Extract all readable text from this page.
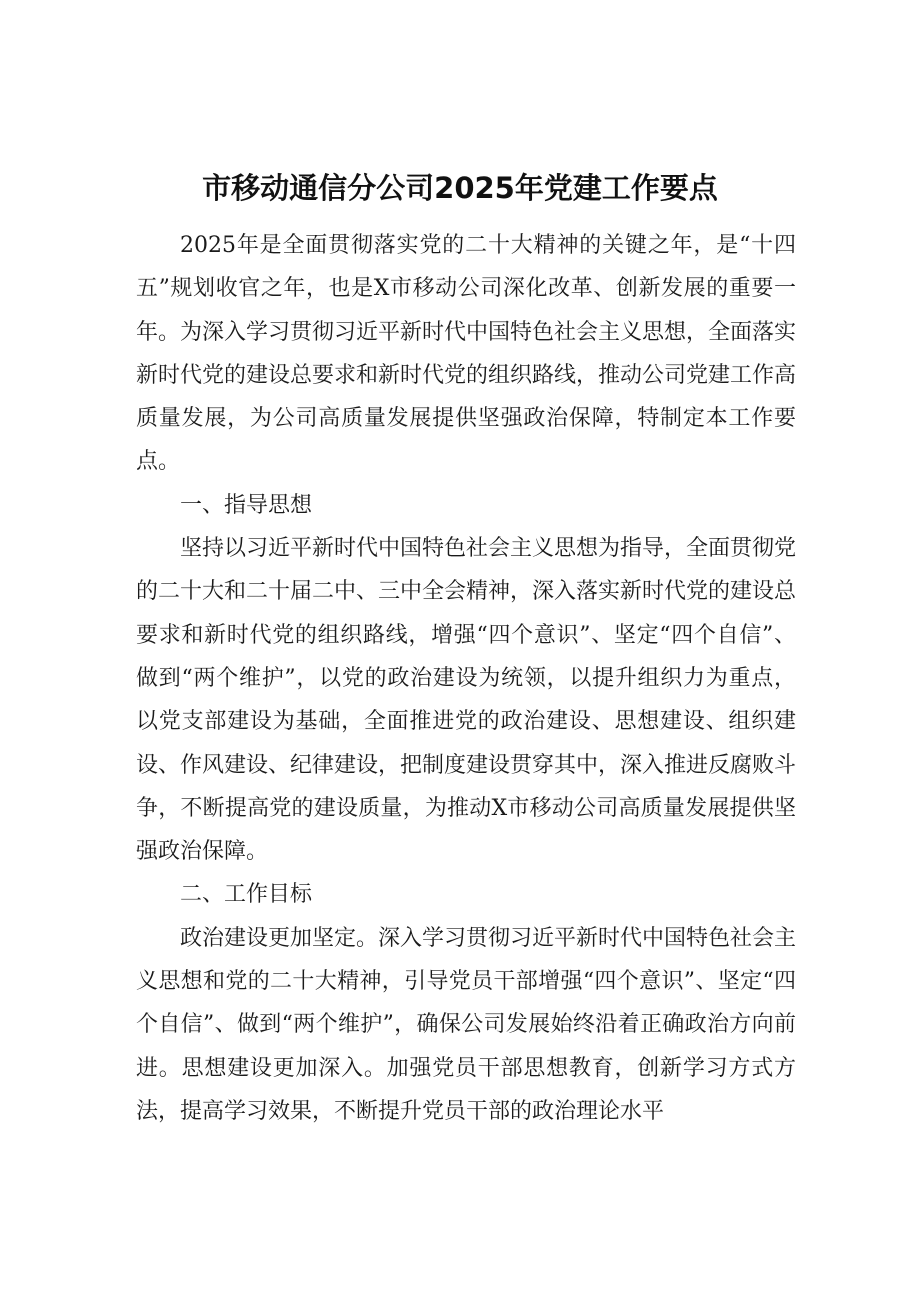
市移动通信分公司2025年党建工作要点

2025年是全面贯彻落实党的二十大精神的关键之年，是“十四五”规划收官之年，也是X市移动公司深化改革、创新发展的重要一年。为深入学习贯彻习近平新时代中国特色社会主义思想，全面落实新时代党的建设总要求和新时代党的组织路线，推动公司党建工作高质量发展，为公司高质量发展提供坚强政治保障，特制定本工作要点。

一、指导思想

坚持以习近平新时代中国特色社会主义思想为指导，全面贯彻党的二十大和二十届二中、三中全会精神，深入落实新时代党的建设总要求和新时代党的组织路线，增强“四个意识”、坚定“四个自信”、做到“两个维护”，以党的政治建设为统领，以提升组织力为重点，以党支部建设为基础，全面推进党的政治建设、思想建设、组织建设、作风建设、纪律建设，把制度建设贯穿其中，深入推进反腐败斗争，不断提高党的建设质量，为推动X市移动公司高质量发展提供坚强政治保障。

二、工作目标

政治建设更加坚定。深入学习贯彻习近平新时代中国特色社会主义思想和党的二十大精神，引导党员干部增强“四个意识”、坚定“四个自信”、做到“两个维护”，确保公司发展始终沿着正确政治方向前进。思想建设更加深入。加强党员干部思想教育，创新学习方式方法，提高学习效果，不断提升党员干部的政治理论水平
